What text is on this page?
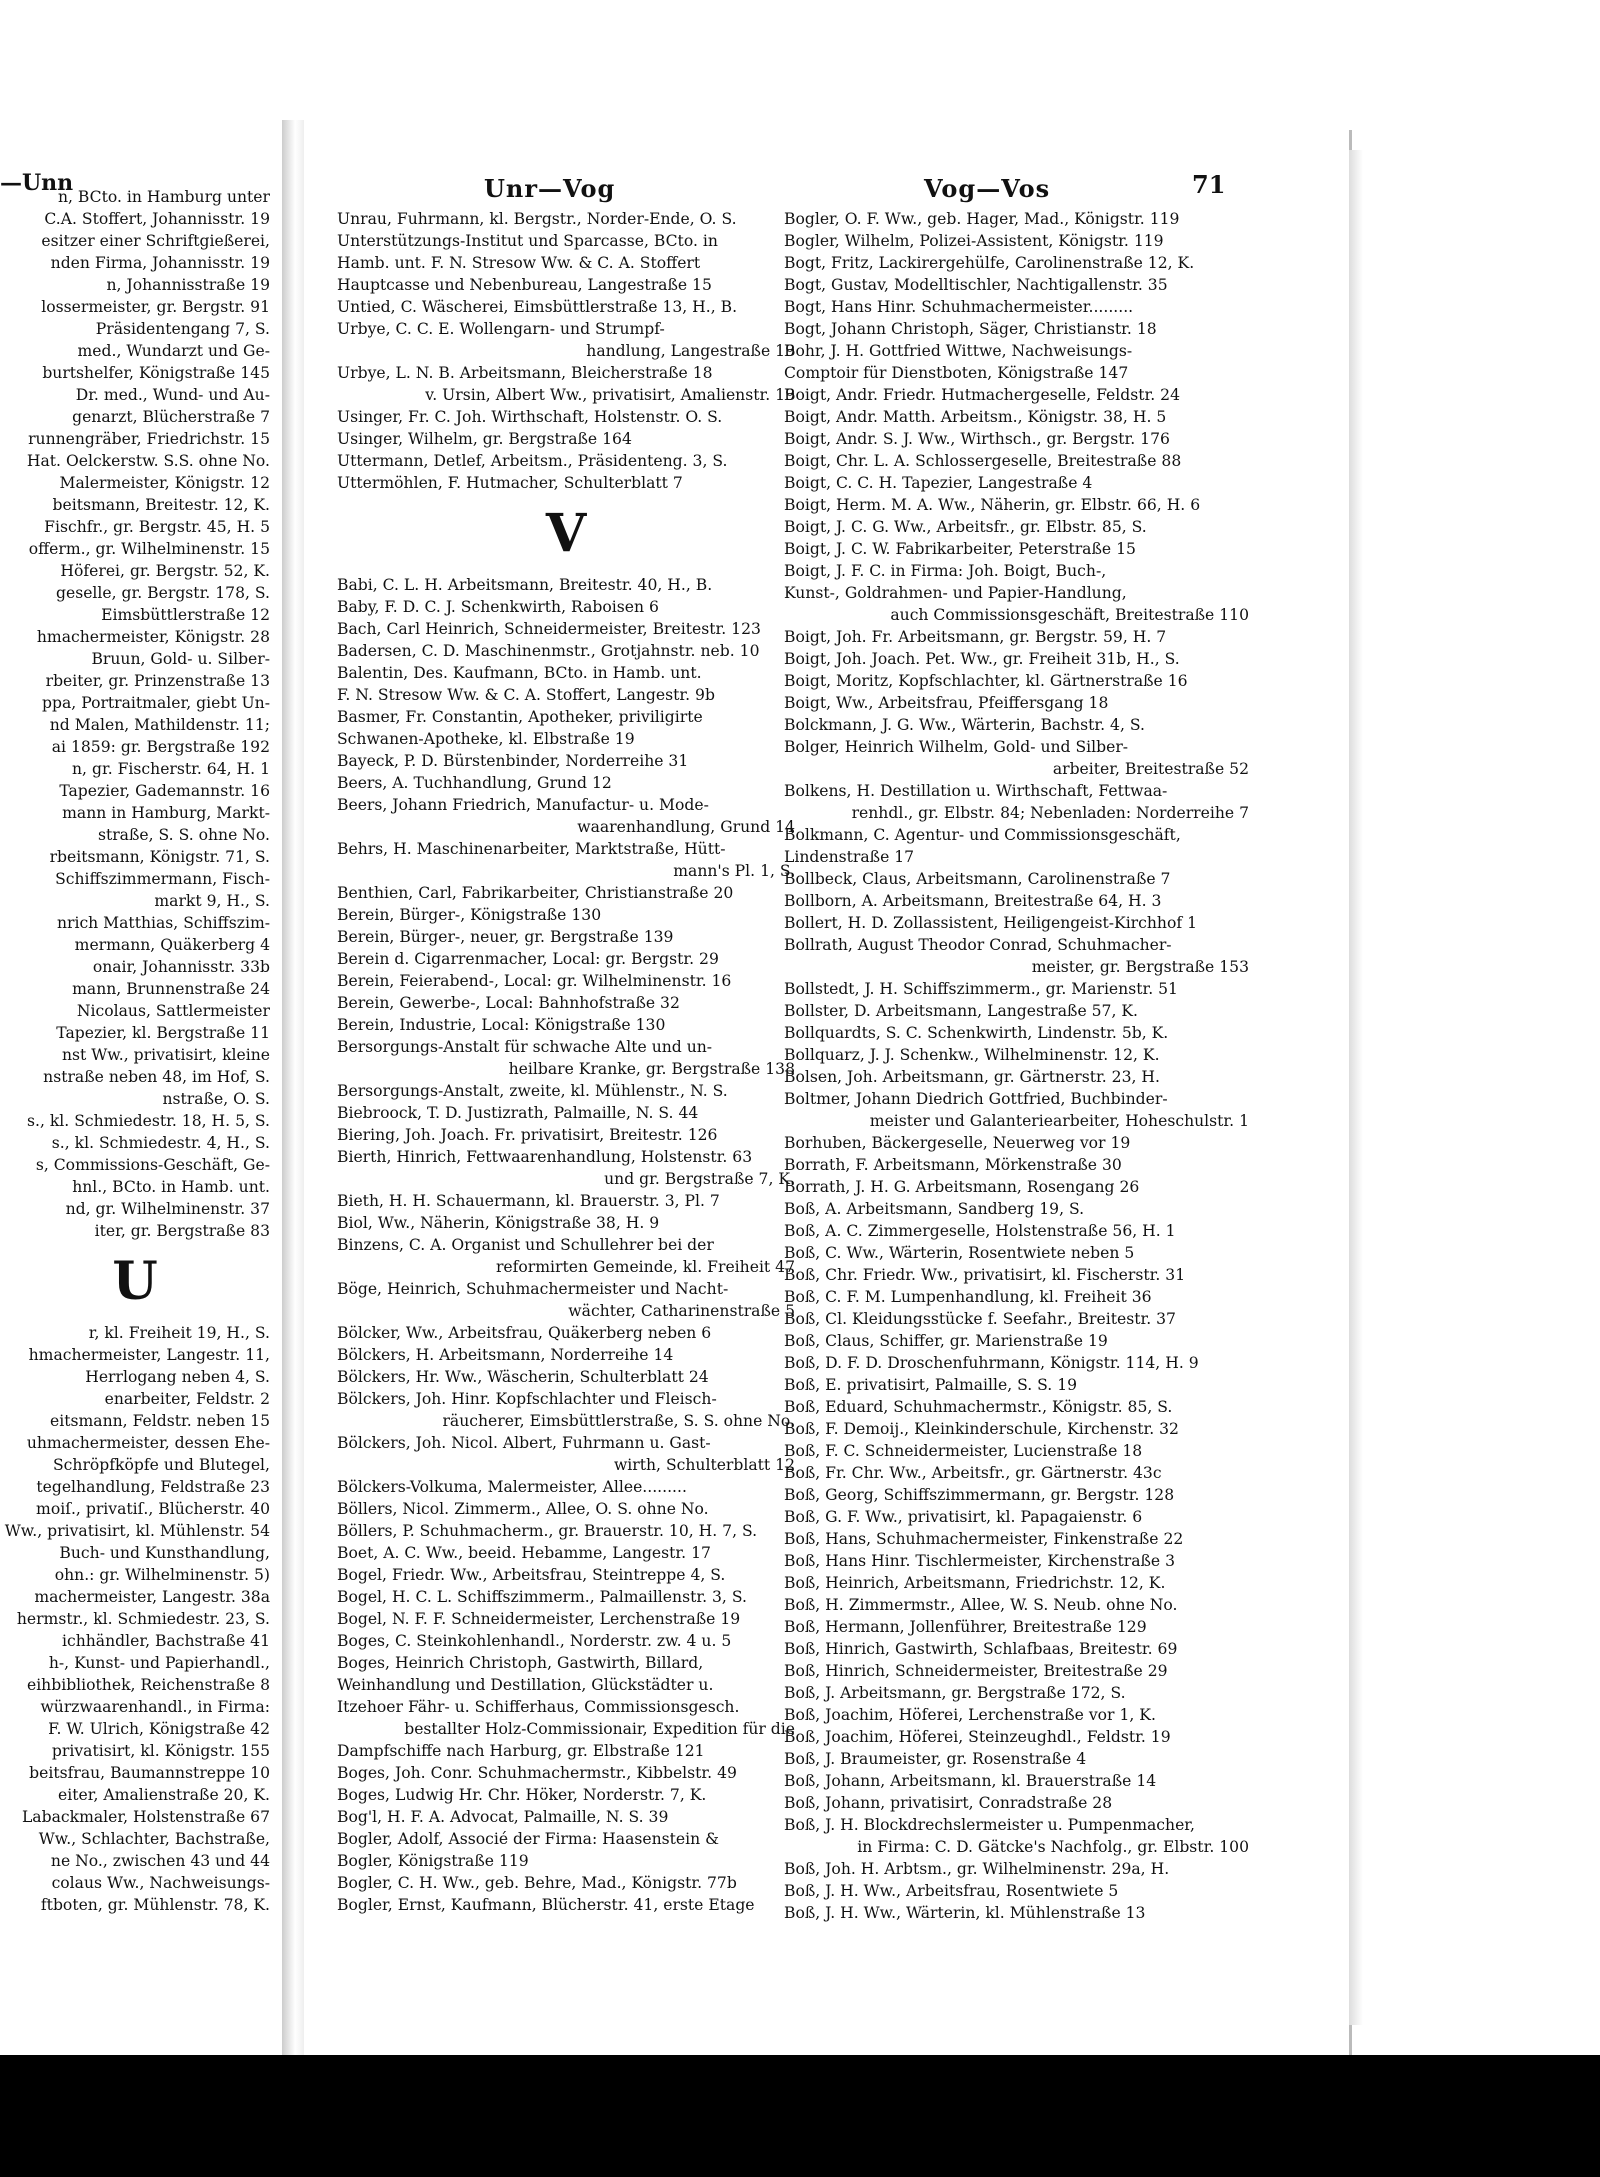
—Unn
n, BCto. in Hamburg unter
C.A. Stoffert, Johannisstr. 19
esitzer einer Schriftgießerei,
nden Firma, Johannisstr. 19
n, Johannisstraße 19
lossermeister, gr. Bergstr. 91
Präsidentengang 7, S.
med., Wundarzt und Ge-
burtshelfer, Königstraße 145
Dr. med., Wund- und Au-
genarzt, Blücherstraße 7
runnengräber, Friedrichstr. 15
Hat. Oelckerstw. S.S. ohne No.
Malermeister, Königstr. 12
beitsmann, Breitestr. 12, K.
Fischfr., gr. Bergstr. 45, H. 5
offerm., gr. Wilhelminenstr. 15
Höferei, gr. Bergstr. 52, K.
gesellе, gr. Bergstr. 178, S.
Eimsbüttlerstraße 12
hmachermeister, Königstr. 28
Bruun, Gold- u. Silber-
rbeiter, gr. Prinzenstraße 13
ppa, Portraitmaler, giebt Un-
nd Malen, Mathildenstr. 11;
ai 1859: gr. Bergstraße 192
n, gr. Fischerstr. 64, H. 1
Tapezier, Gademannstr. 16
mann in Hamburg, Markt-
straße, S. S. ohne No.
rbeitsmann, Königstr. 71, S.
Schiffszimmermann, Fisch-
markt 9, H., S.
nrich Matthias, Schiffszim-
mermann, Quäkerberg 4
onair, Johannisstr. 33b
mann, Brunnenstraße 24
Nicolaus, Sattlermeister
Tapezier, kl. Bergstraße 11
nst Ww., privatisirt, kleine
nstraße neben 48, im Hof, S.
nstraße, O. S.
s., kl. Schmiedestr. 18, H. 5, S.
s., kl. Schmiedestr. 4, H., S.
s, Commissions-Geschäft, Ge-
hnl., BCto. in Hamb. unt.
nd, gr. Wilhelminenstr. 37
iter, gr. Bergstraße 83
U
r, kl. Freiheit 19, H., S.
hmachermeister, Langestr. 11,
Herrlogang neben 4, S.
enarbeiter, Feldstr. 2
eitsmann, Feldstr. neben 15
uhmachermeister, dessen Ehe-
Schröpfköpfe und Blutegel,
tegelhandlung, Feldstraße 23
moiſ., privatiſ., Blücherstr. 40
Ww., privatisirt, kl. Mühlenstr. 54
Buch- und Kunsthandlung,
ohn.: gr. Wilhelminenstr. 5)
machermeister, Langestr. 38a
hermstr., kl. Schmiedestr. 23, S.
ichhändler, Bachstraße 41
h-, Kunst- und Papierhandl.,
eihbibliothek, Reichenstraße 8
würzwaarenhandl., in Firma:
F. W. Ulrich, Königstraße 42
privatisirt, kl. Königstr. 155
beitsfrau, Baumannstreppe 10
eiter, Amalienstraße 20, K.
Labackmaler, Holstenstraße 67
Ww., Schlachter, Bachstraße,
ne No., zwischen 43 und 44
colaus Ww., Nachweisungs-
ftboten, gr. Mühlenstr. 78, K.
Unr—Vog	Vog—Vos	71
Unrau, Fuhrmann, kl. Bergstr., Norder-Ende, O. S.
Unterstützungs-Institut und Sparcasse, BCto. in
Hamb. unt. F. N. Stresow Ww. & C. A. Stoffert
Hauptcasse und Nebenbureau, Langestraße 15
Untied, C. Wäscherei, Eimsbüttlerstraße 13, H., B.
Urbye, C. C. E. Wollengarn- und Strumpf-
handlung, Langestraße 19
Urbye, L. N. B. Arbeitsmann, Bleicherstraße 18
v. Ursin, Albert Ww., privatisirt, Amalienstr. 19
Usinger, Fr. C. Joh. Wirthschaft, Holstenstr. O. S.
Usinger, Wilhelm, gr. Bergstraße 164
Uttermann, Detlef, Arbeitsm., Präsidenteng. 3, S.
Uttermöhlen, F. Hutmacher, Schulterblatt 7
V
Babi, C. L. H. Arbeitsmann, Breitestr. 40, H., B.
Baby, F. D. C. J. Schenkwirth, Raboisen 6
Bach, Carl Heinrich, Schneidermeister, Breitestr. 123
Badersen, C. D. Maschinenmstr., Grotjahnstr. neb. 10
Balentin, Des. Kaufmann, BCto. in Hamb. unt.
F. N. Stresow Ww. & C. A. Stoffert, Langestr. 9b
Basmer, Fr. Constantin, Apotheker, priviligirte
Schwanen-Apotheke, kl. Elbstraße 19
Bayeck, P. D. Bürstenbinder, Norderreihe 31
Beers, A. Tuchhandlung, Grund 12
Beers, Johann Friedrich, Manufactur- u. Mode-
waarenhandlung, Grund 14
Behrs, H. Maschinenarbeiter, Marktstraße, Hütt-
mann's Pl. 1, S.
Benthien, Carl, Fabrikarbeiter, Christianstraße 20
Berein, Bürger-, Königstraße 130
Berein, Bürger-, neuer, gr. Bergstraße 139
Berein d. Cigarrenmacher, Local: gr. Bergstr. 29
Berein, Feierabend-, Local: gr. Wilhelminenstr. 16
Berein, Gewerbe-, Local: Bahnhofstraße 32
Berein, Industrie, Local: Königstraße 130
Bersorgungs-Anstalt für schwache Alte und un-
heilbare Kranke, gr. Bergstraße 138
Bersorgungs-Anstalt, zweite, kl. Mühlenstr., N. S.
Biebroock, T. D. Justizrath, Palmaille, N. S. 44
Biering, Joh. Joach. Fr. privatisirt, Breitestr. 126
Bierth, Hinrich, Fettwaarenhandlung, Holstenstr. 63
und gr. Bergstraße 7, K.
Bieth, H. H. Schauermann, kl. Brauerstr. 3, Pl. 7
Biol, Ww., Näherin, Königstraße 38, H. 9
Binzens, C. A. Organist und Schullehrer bei der
reformirten Gemeinde, kl. Freiheit 47
Böge, Heinrich, Schuhmachermeister und Nacht-
wächter, Catharinenstraße 5
Bölcker, Ww., Arbeitsfrau, Quäkerberg neben 6
Bölckers, H. Arbeitsmann, Norderreihe 14
Bölckers, Hr. Ww., Wäscherin, Schulterblatt 24
Bölckers, Joh. Hinr. Kopfschlachter und Fleisch-
räucherer, Eimsbüttlerstraße, S. S. ohne No.
Bölckers, Joh. Nicol. Albert, Fuhrmann u. Gast-
wirth, Schulterblatt 12
Bölckers-Volkuma, Malermeister, Allee.........
Böllers, Nicol. Zimmerm., Allee, O. S. ohne No.
Böllers, P. Schuhmacherm., gr. Brauerstr. 10, H. 7, S.
Boet, A. C. Ww., beeid. Hebamme, Langestr. 17
Bogel, Friedr. Ww., Arbeitsfrau, Steintreppe 4, S.
Bogel, H. C. L. Schiffszimmerm., Palmaillenstr. 3, S.
Bogel, N. F. F. Schneidermeister, Lerchenstraße 19
Boges, C. Steinkohlenhandl., Norderstr. zw. 4 u. 5
Boges, Heinrich Christoph, Gastwirth, Billard,
Weinhandlung und Destillation, Glückstädter u.
Itzehoer Fähr- u. Schifferhaus, Commissionsgesch.
bestallter Holz-Commissionair, Expedition für die
Dampfschiffe nach Harburg, gr. Elbstraße 121
Boges, Joh. Conr. Schuhmachermstr., Kibbelstr. 49
Boges, Ludwig Hr. Chr. Höker, Norderstr. 7, K.
Bog'l, H. F. A. Advocat, Palmaille, N. S. 39
Bogler, Adolf, Associé der Firma: Haasenstein &
Bogler, Königstraße 119
Bogler, C. H. Ww., geb. Behre, Mad., Königstr. 77b
Bogler, Ernst, Kaufmann, Blücherstr. 41, erste Etage
Bogler, O. F. Ww., geb. Hager, Mad., Königstr. 119
Bogler, Wilhelm, Polizei-Assistent, Königstr. 119
Bogt, Fritz, Lackirergehülfe, Carolinenstraße 12, K.
Bogt, Gustav, Modelltischler, Nachtigallenstr. 35
Bogt, Hans Hinr. Schuhmachermeister.........
Bogt, Johann Christoph, Säger, Christianstr. 18
Bohr, J. H. Gottfried Wittwe, Nachweisungs-
Comptoir für Dienstboten, Königstraße 147
Boigt, Andr. Friedr. Hutmachergeselle, Feldstr. 24
Boigt, Andr. Matth. Arbeitsm., Königstr. 38, H. 5
Boigt, Andr. S. J. Ww., Wirthsch., gr. Bergstr. 176
Boigt, Chr. L. A. Schlossergeselle, Breitestraße 88
Boigt, C. C. H. Tapezier, Langestraße 4
Boigt, Herm. M. A. Ww., Näherin, gr. Elbstr. 66, H. 6
Boigt, J. C. G. Ww., Arbeitsfr., gr. Elbstr. 85, S.
Boigt, J. C. W. Fabrikarbeiter, Peterstraße 15
Boigt, J. F. C. in Firma: Joh. Boigt, Buch-,
Kunst-, Goldrahmen- und Papier-Handlung,
auch Commissionsgeschäft, Breitestraße 110
Boigt, Joh. Fr. Arbeitsmann, gr. Bergstr. 59, H. 7
Boigt, Joh. Joach. Pet. Ww., gr. Freiheit 31b, H., S.
Boigt, Moritz, Kopfschlachter, kl. Gärtnerstraße 16
Boigt, Ww., Arbeitsfrau, Pfeiffersgang 18
Bolckmann, J. G. Ww., Wärterin, Bachstr. 4, S.
Bolger, Heinrich Wilhelm, Gold- und Silber-
arbeiter, Breitestraße 52
Bolkens, H. Destillation u. Wirthschaft, Fettwaa-
renhdl., gr. Elbstr. 84; Nebenladen: Norderreihe 7
Bolkmann, C. Agentur- und Commissionsgeschäft,
Lindenstraße 17
Bollbeck, Claus, Arbeitsmann, Carolinenstraße 7
Bollborn, A. Arbeitsmann, Breitestraße 64, H. 3
Bollert, H. D. Zollassistent, Heiligengeist-Kirchhof 1
Bollrath, August Theodor Conrad, Schuhmacher-
meister, gr. Bergstraße 153
Bollstedt, J. H. Schiffszimmerm., gr. Marienstr. 51
Bollster, D. Arbeitsmann, Langestraße 57, K.
Bollquardts, S. C. Schenkwirth, Lindenstr. 5b, K.
Bollquarz, J. J. Schenkw., Wilhelminenstr. 12, K.
Bolsen, Joh. Arbeitsmann, gr. Gärtnerstr. 23, H.
Boltmer, Johann Diedrich Gottfried, Buchbinder-
meister und Galanteriearbeiter, Hoheschulstr. 1
Borhuben, Bäckergeselle, Neuerweg vor 19
Borrath, F. Arbeitsmann, Mörkenstraße 30
Borrath, J. H. G. Arbeitsmann, Rosengang 26
Boß, A. Arbeitsmann, Sandberg 19, S.
Boß, A. C. Zimmergeselle, Holstenstraße 56, H. 1
Boß, C. Ww., Wärterin, Rosentwiete neben 5
Boß, Chr. Friedr. Ww., privatisirt, kl. Fischerstr. 31
Boß, C. F. M. Lumpenhandlung, kl. Freiheit 36
Boß, Cl. Kleidungsstücke f. Seefahr., Breitestr. 37
Boß, Claus, Schiffer, gr. Marienstraße 19
Boß, D. F. D. Droschenfuhrmann, Königstr. 114, H. 9
Boß, E. privatisirt, Palmaille, S. S. 19
Boß, Eduard, Schuhmachermstr., Königstr. 85, S.
Boß, F. Demoij., Kleinkinderschule, Kirchenstr. 32
Boß, F. C. Schneidermeister, Lucienstraße 18
Boß, Fr. Chr. Ww., Arbeitsfr., gr. Gärtnerstr. 43c
Boß, Georg, Schiffszimmermann, gr. Bergstr. 128
Boß, G. F. Ww., privatisirt, kl. Papagaienstr. 6
Boß, Hans, Schuhmachermeister, Finkenstraße 22
Boß, Hans Hinr. Tischlermeister, Kirchenstraße 3
Boß, Heinrich, Arbeitsmann, Friedrichstr. 12, K.
Boß, H. Zimmermstr., Allee, W. S. Neub. ohne No.
Boß, Hermann, Jollenführer, Breitestraße 129
Boß, Hinrich, Gastwirth, Schlafbaas, Breitestr. 69
Boß, Hinrich, Schneidermeister, Breitestraße 29
Boß, J. Arbeitsmann, gr. Bergstraße 172, S.
Boß, Joachim, Höferei, Lerchenstraße vor 1, K.
Boß, Joachim, Höferei, Steinzeughdl., Feldstr. 19
Boß, J. Braumeister, gr. Rosenstraße 4
Boß, Johann, Arbeitsmann, kl. Brauerstraße 14
Boß, Johann, privatisirt, Conradstraße 28
Boß, J. H. Blockdrechslermeister u. Pumpenmacher,
in Firma: C. D. Gätcke's Nachfolg., gr. Elbstr. 100
Boß, Joh. H. Arbtsm., gr. Wilhelminenstr. 29a, H.
Boß, J. H. Ww., Arbeitsfrau, Rosentwiete 5
Boß, J. H. Ww., Wärterin, kl. Mühlenstraße 13
